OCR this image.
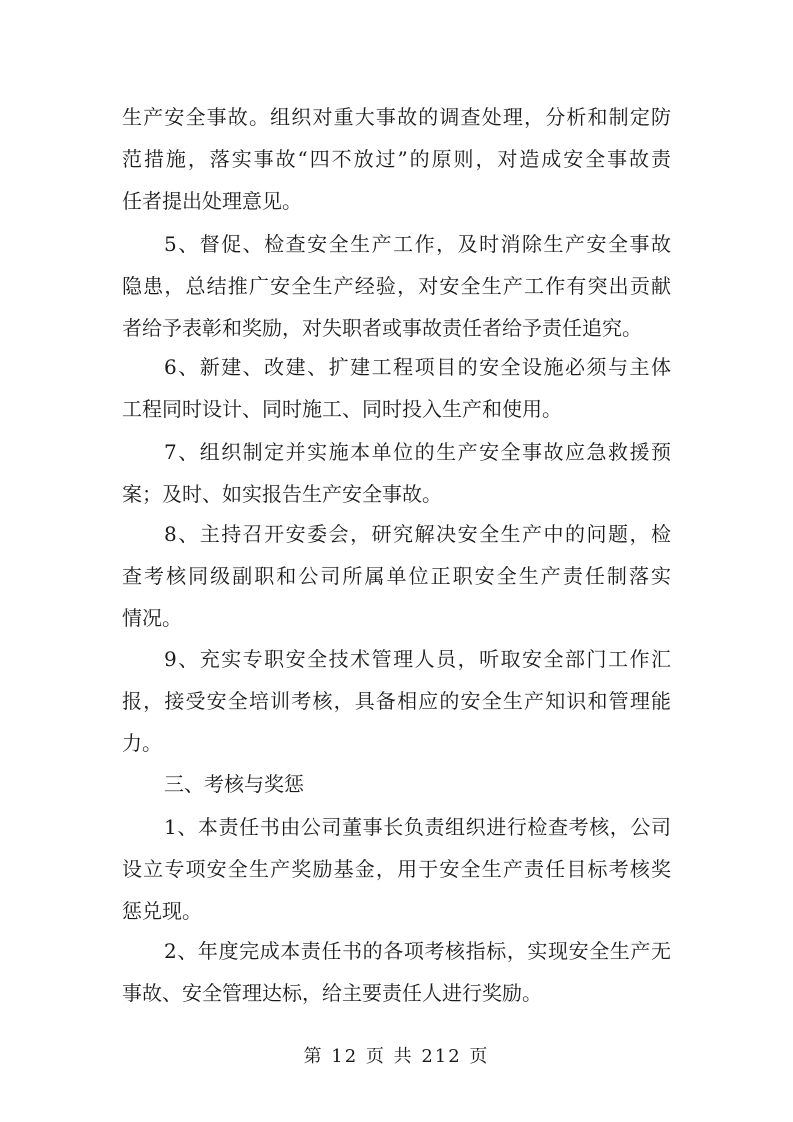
生产安全事故。组织对重大事故的调查处理，分析和制定防
范措施，落实事故“四不放过”的原则，对造成安全事故责
任者提出处理意见。
5、督促、检查安全生产工作，及时消除生产安全事故
隐患，总结推广安全生产经验，对安全生产工作有突出贡献
者给予表彰和奖励，对失职者或事故责任者给予责任追究。
6、新建、改建、扩建工程项目的安全设施必须与主体
工程同时设计、同时施工、同时投入生产和使用。
7、组织制定并实施本单位的生产安全事故应急救援预
案；及时、如实报告生产安全事故。
8、主持召开安委会，研究解决安全生产中的问题，检
查考核同级副职和公司所属单位正职安全生产责任制落实
情况。
9、充实专职安全技术管理人员，听取安全部门工作汇
报，接受安全培训考核，具备相应的安全生产知识和管理能
力。
三、考核与奖惩
1、本责任书由公司董事长负责组织进行检查考核，公司
设立专项安全生产奖励基金，用于安全生产责任目标考核奖
惩兑现。
2、年度完成本责任书的各项考核指标，实现安全生产无
事故、安全管理达标，给主要责任人进行奖励。
第 12 页 共 212 页
